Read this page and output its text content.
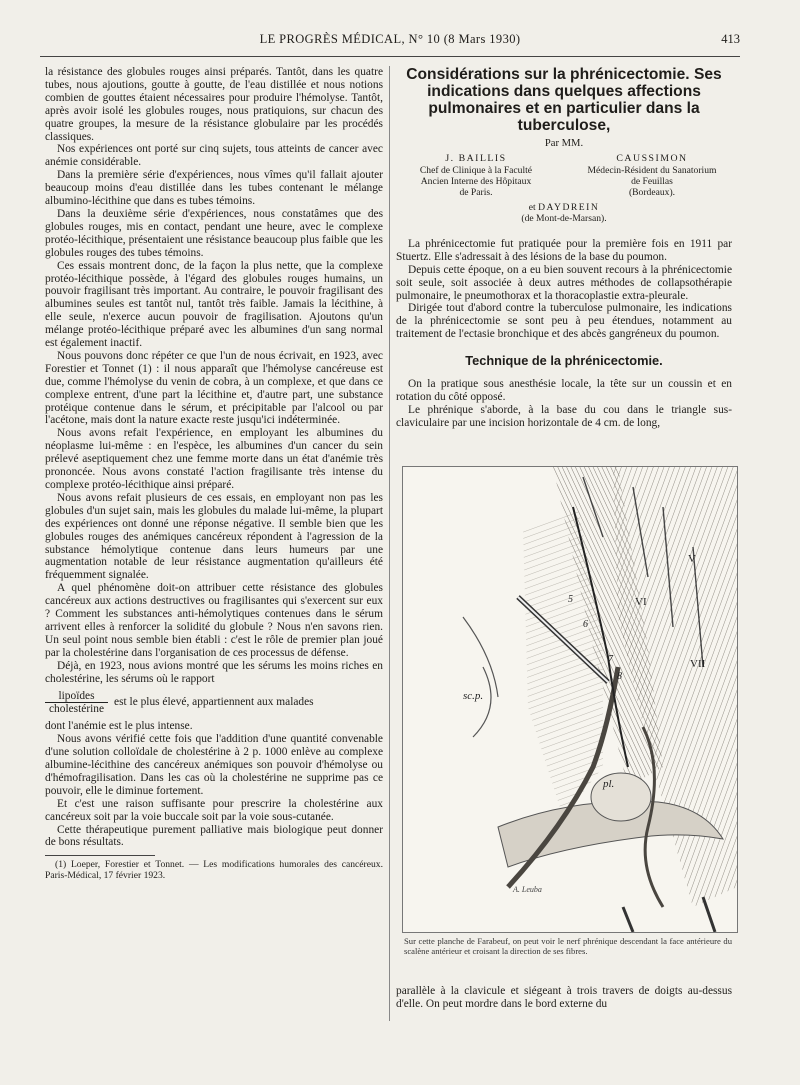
LE PROGRÈS MÉDICAL, N° 10 (8 Mars 1930)	413

la résistance des globules rouges ainsi préparés. Tantôt, dans les quatre tubes, nous ajoutions, goutte à goutte, de l'eau distillée et nous notions combien de gouttes étaient nécessaires pour produire l'hémolyse. Tantôt, après avoir isolé les globules rouges, nous pratiquions, sur chacun des quatre groupes, la mesure de la résistance globulaire par les procédés classiques.

Nos expériences ont porté sur cinq sujets, tous atteints de cancer avec anémie considérable.

Dans la première série d'expériences, nous vîmes qu'il fallait ajouter beaucoup moins d'eau distillée dans les tubes contenant le mélange albumino-lécithine que dans es tubes témoins.

Dans la deuxième série d'expériences, nous constatâmes que des globules rouges, mis en contact, pendant une heure, avec le complexe protéo-lécithique, présentaient une résistance beaucoup plus faible que les globules rouges des tubes témoins.

Ces essais montrent donc, de la façon la plus nette, que la complexe protéo-lécithique possède, à l'égard des globules rouges humains, un pouvoir fragilisant très important. Au contraire, le pouvoir fragilisant des albumines seules est tantôt nul, tantôt très faible. Jamais la lécithine, à elle seule, n'exerce aucun pouvoir de fragilisation. Ajoutons qu'un mélange protéo-lécithique préparé avec les albumines d'un sang normal est également inactif.

Nous pouvons donc répéter ce que l'un de nous écrivait, en 1923, avec Forestier et Tonnet (1) : il nous apparaît que l'hémolyse cancéreuse est due, comme l'hémolyse du venin de cobra, à un complexe, et que dans ce complexe entrent, d'une part la lécithine et, d'autre part, une substance protéique contenue dans le sérum, et précipitable par l'alcool ou par l'acétone, mais dont la nature exacte reste jusqu'ici indéterminée.

Nous avons refait l'expérience, en employant les albumines du néoplasme lui-même : en l'espèce, les albumines d'un cancer du sein prélevé aseptiquement chez une femme morte dans un état d'anémie très prononcée. Nous avons constaté l'action fragilisante très intense du complexe protéo-lécithique ainsi préparé.

Nous avons refait plusieurs de ces essais, en employant non pas les globules d'un sujet sain, mais les globules du malade lui-même, la plupart des expériences ont donné une réponse négative. Il semble bien que les globules rouges des anémiques cancéreux répondent à l'agression de la substance hémolytique contenue dans leurs humeurs par une augmentation notable de leur résistance augmentation qu'ailleurs été fréquemment signalée.

A quel phénomène doit-on attribuer cette résistance des globules cancéreux aux actions destructives ou fragilisantes qui s'exercent sur eux ? Comment les substances anti-hémolytiques contenues dans le sérum arrivent elles à renforcer la solidité du globule ? Nous n'en savons rien. Un seul point nous semble bien établi : c'est le rôle de premier plan joué par la cholestérine dans l'organisation de ces processus de défense.

Déjà, en 1923, nous avions montré que les sérums les moins riches en cholestérine, les sérums où le rapport

$\frac{\text{lipoïdes}}{\text{cholestérine}}$ est le plus élevé, appartiennent aux malades

dont l'anémie est le plus intense.

Nous avons vérifié cette fois que l'addition d'une quantité convenable d'une solution colloïdale de cholestérine à 2 p. 1000 enlève au complexe albumine-lécithine des cancéreux anémiques son pouvoir d'hémolyse ou d'hémofragilisation. Dans les cas où la cholestérine ne supprime pas ce pouvoir, elle le diminue fortement.

Et c'est une raison suffisante pour prescrire la cholestérine aux cancéreux soit par la voie buccale soit par la voie sous-cutanée.

Cette thérapeutique purement palliative mais biologique peut donner de bons résultats.

(1) Loeper, Forestier et Tonnet. — Les modifications humorales des cancéreux. Paris-Médical, 17 février 1923.
Considérations sur la phrénicectomie. Ses indications dans quelques affections pulmonaires et en particulier dans la tuberculose,
Par MM.
J. BAILLIS
Chef de Clinique à la Faculté
Ancien Interne des Hôpitaux
de Paris.
CAUSSIMON
Médecin-Résident du Sanatorium
de Feuillas
(Bordeaux).
et DAYDREIN
(de Mont-de-Marsan).

La phrénicectomie fut pratiquée pour la première fois en 1911 par Stuertz. Elle s'adressait à des lésions de la base du poumon.

Depuis cette époque, on a eu bien souvent recours à la phrénicectomie soit seule, soit associée à deux autres méthodes de collapsothérapie pulmonaire, le pneumothorax et la thoracoplastie extra-pleurale.

Dirigée tout d'abord contre la tuberculose pulmonaire, les indications de la phrénicectomie se sont peu à peu étendues, notamment au traitement de l'ectasie bronchique et des abcès gangréneux du poumon.

Technique de la phrénicectomie.

On la pratique sous anesthésie locale, la tête sur un coussin et en rotation du côté opposé.

Le phrénique s'aborde, à la base du cou dans le triangle sus-claviculaire par une incision horizontale de 4 cm. de long,

sc.p.
pl.
V
VI
VII
5
6
7
8
A. Leuba
Sur cette planche de Farabeuf, on peut voir le nerf phrénique descendant la face antérieure du scalène antérieur et croisant la direction de ses fibres.

parallèle à la clavicule et siégeant à trois travers de doigts au-dessus d'elle. On peut mordre dans le bord externe du
